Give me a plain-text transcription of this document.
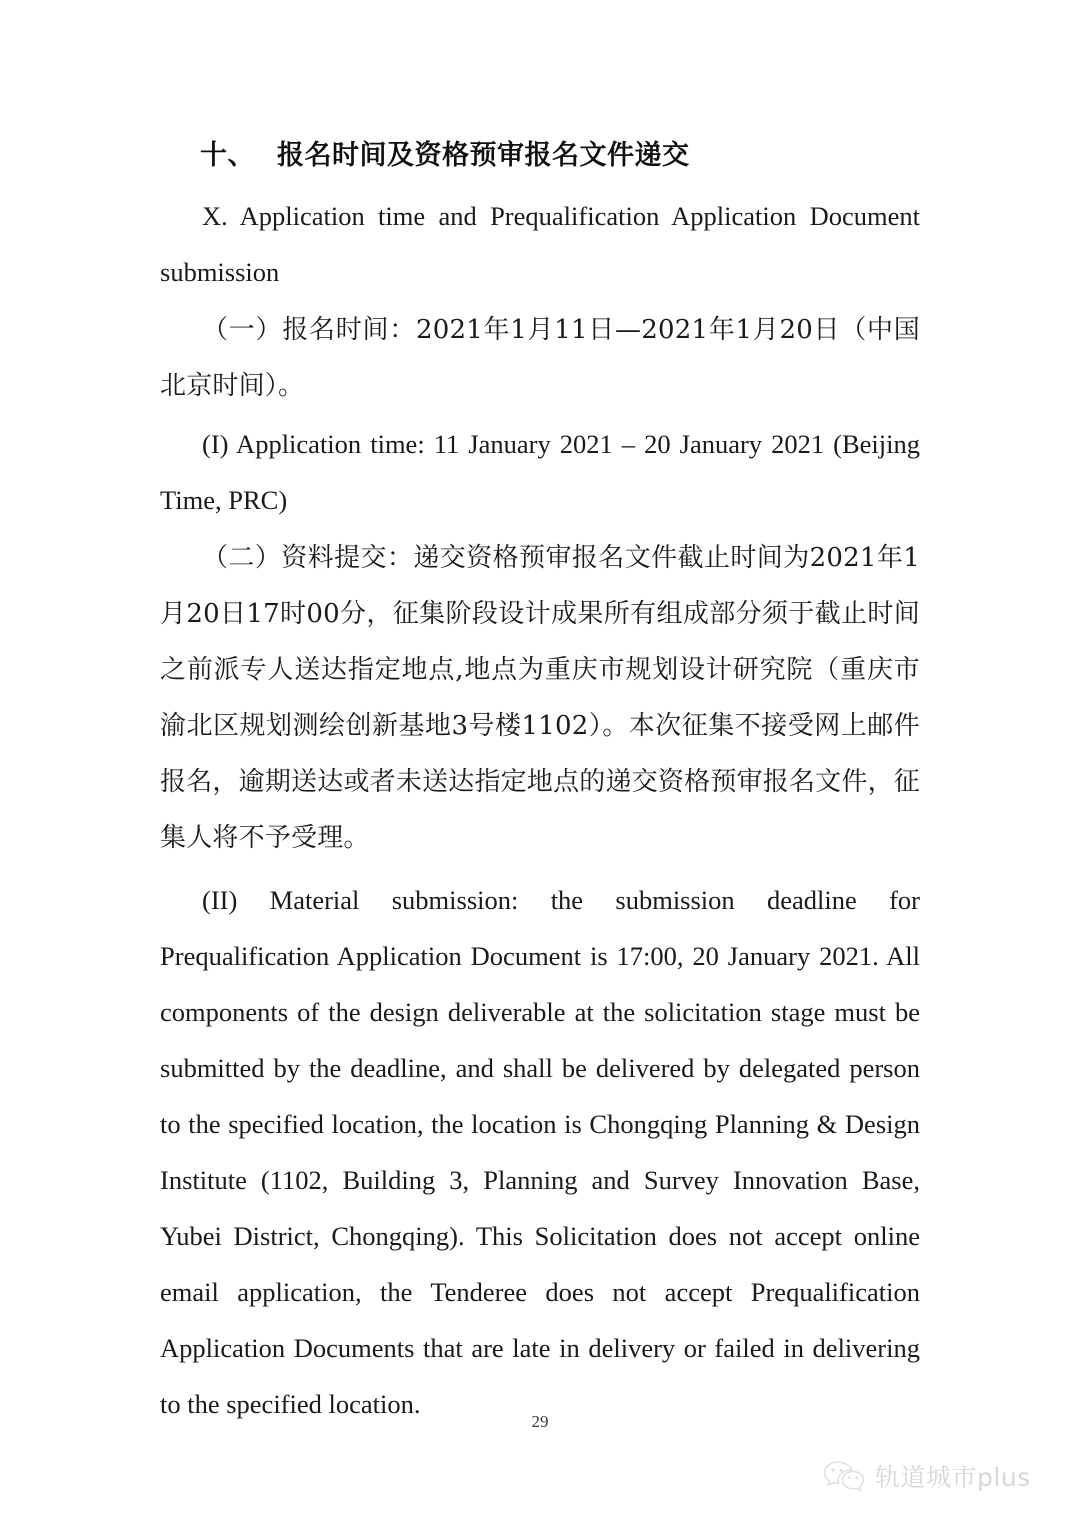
十、 报名时间及资格预审报名文件递交

X. Application time and Prequalification Application Document submission

（一）报名时间：2021年1月11日—2021年1月20日（中国北京时间）。

(I) Application time: 11 January 2021 – 20 January 2021 (Beijing Time, PRC)

（二）资料提交：递交资格预审报名文件截止时间为2021年1月20日17时00分，征集阶段设计成果所有组成部分须于截止时间之前派专人送达指定地点,地点为重庆市规划设计研究院（重庆市渝北区规划测绘创新基地3号楼1102）。本次征集不接受网上邮件报名，逾期送达或者未送达指定地点的递交资格预审报名文件，征集人将不予受理。

(II) Material submission: the submission deadline for Prequalification Application Document is 17:00, 20 January 2021. All components of the design deliverable at the solicitation stage must be submitted by the deadline, and shall be delivered by delegated person to the specified location, the location is Chongqing Planning & Design Institute (1102, Building 3, Planning and Survey Innovation Base, Yubei District, Chongqing). This Solicitation does not accept online email application, the Tenderee does not accept Prequalification Application Documents that are late in delivery or failed in delivering to the specified location.

29
轨道城市plus
